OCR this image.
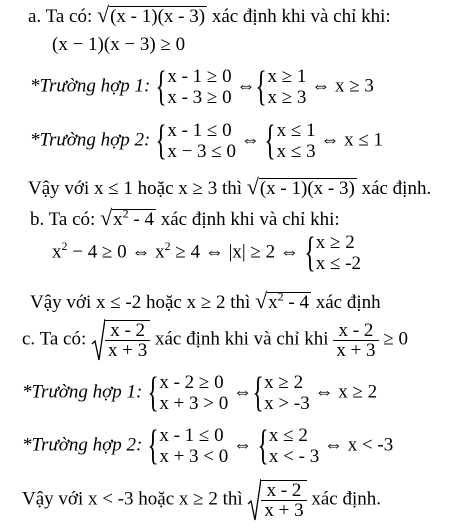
a. Ta có: √(x - 1)(x - 3) xác định khi và chỉ khi:
(x − 1)(x − 3) ≥ 0
*Trường hợp 1: { x - 1 ≥ 0
x - 3 ≥ 0
⇔{ x ≥ 1
x ≥ 3
⇔ x ≥ 3
*Trường hợp 2: { x - 1 ≤ 0
x − 3 ≤ 0
⇔ { x ≤ 1
x ≤ 3
⇔ x ≤ 1
Vậy với x ≤ 1 hoặc x ≥ 3 thì √(x - 1)(x - 3) xác định.
b. Ta có: $√x^2 - 4$ xác định khi và chỉ khi:
$x^2 - 4 \ge 0$ ⇔ $x^2 \ge 4$ ⇔ |x| ≥ 2 ⇔ { x ≥ 2
x ≤ -2
Vậy với x ≤ -2 hoặc x ≥ 2 thì $√x^2 - 4$ xác định
c. Ta có: $\frac{x - 2}{x + 3}$ xác định khi và chỉ khi $\frac{x - 2}{x + 3} \ge 0$
*Trường hợp 1: { x - 2 ≥ 0
x + 3 > 0
⇔{ x ≥ 2
x > -3
⇔ x ≥ 2
*Trường hợp 2: { x - 1 ≤ 0
x + 3 < 0
⇔ { x ≤ 2
x < - 3
⇔ x < -3
Vậy với x < -3 hoặc x ≥ 2 thì $\frac{x - 2}{x + 3}$ xác định.
